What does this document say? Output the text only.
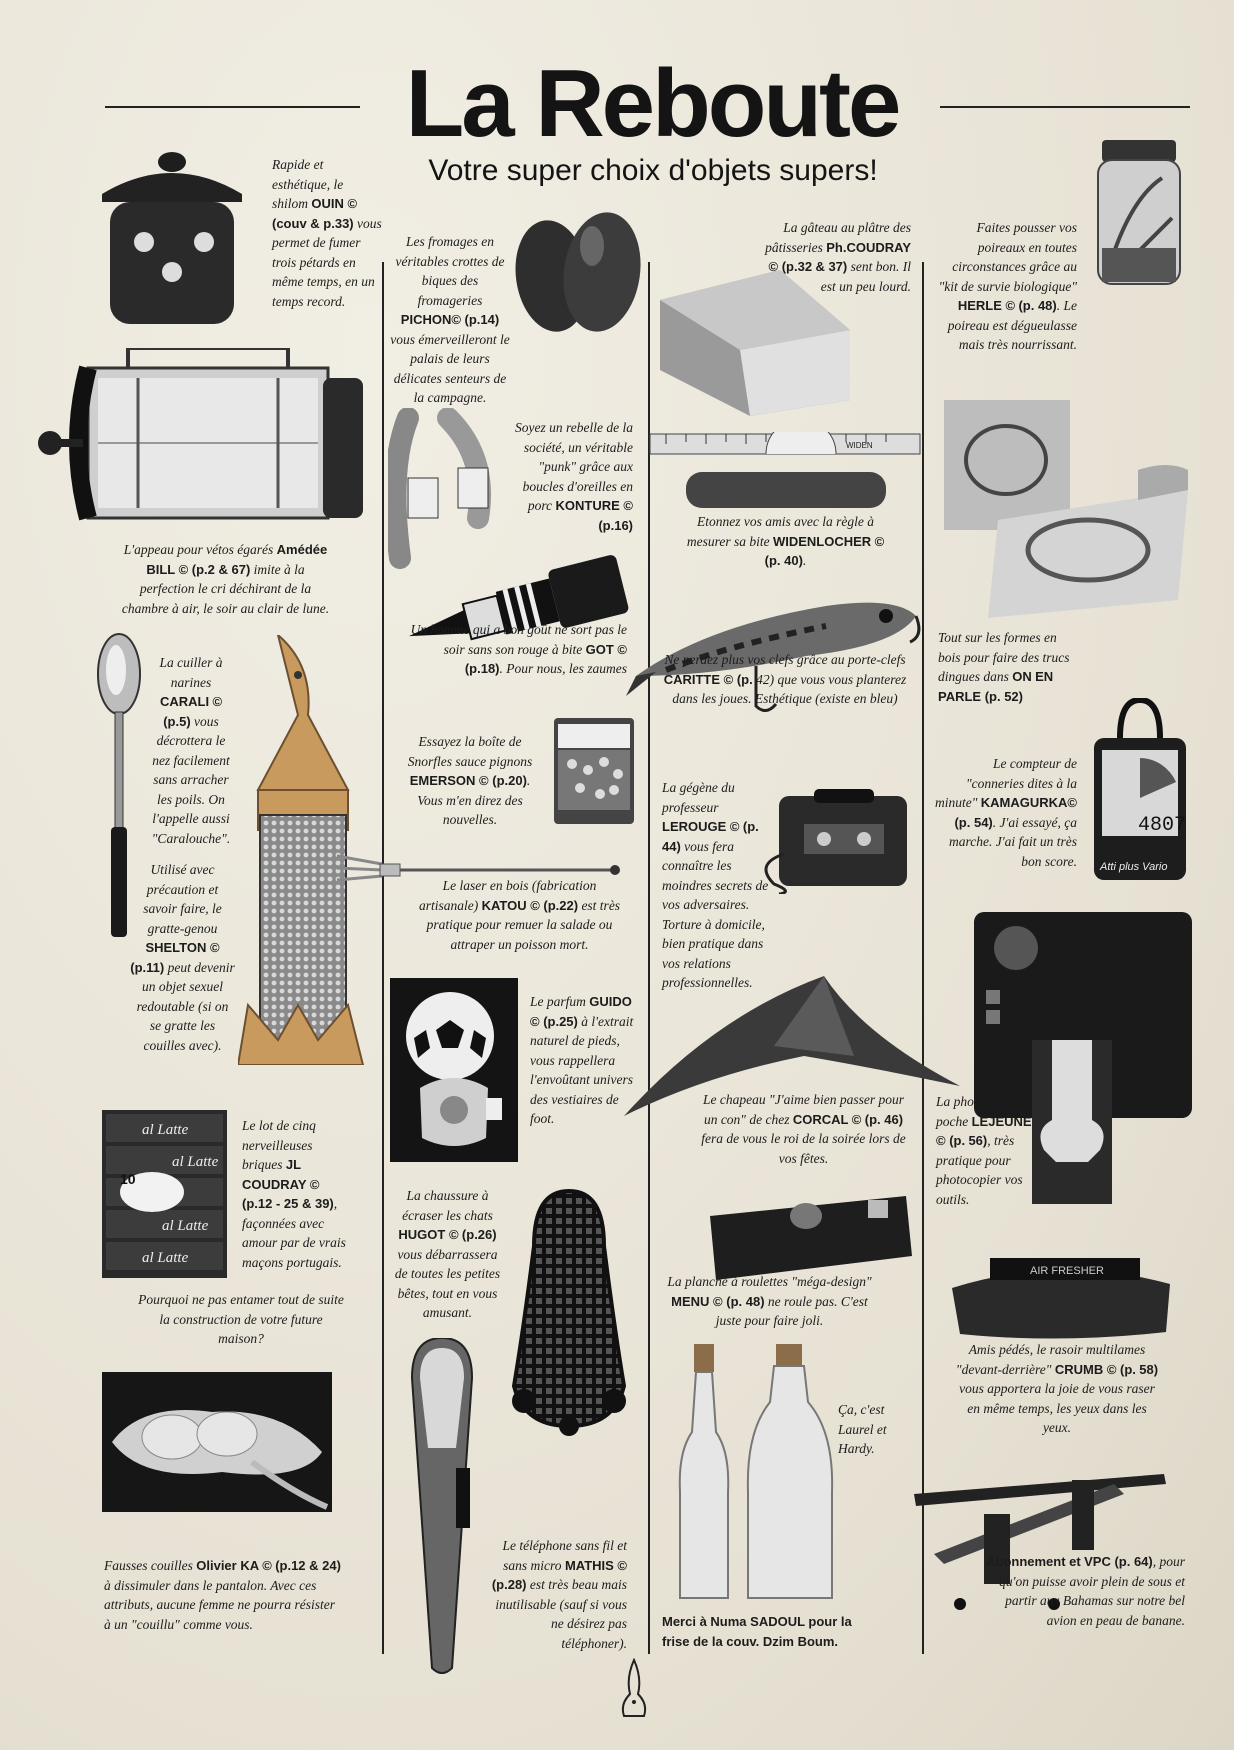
La Reboute
Votre super choix d'objets supers!
Rapide et esthétique, le shilom OUIN © (couv & p.33) vous permet de fumer trois pétards en même temps, en un temps record.
L'appeau pour vétos égarés Amédée BILL © (p.2 & 67) imite à la perfection le cri déchirant de la chambre à air, le soir au clair de lune.
La cuiller à narines CARALI © (p.5) vous décrottera le nez facilement sans arracher les poils. On l'appelle aussi "Caralouche".
Utilisé avec précaution et savoir faire, le gratte-genou SHELTON © (p.11) peut devenir un objet sexuel redoutable (si on se gratte les couilles avec).
al Latte
al Latte
al Latte
al Latte
10
Le lot de cinq nerveilleuses briques JL COUDRAY © (p.12 - 25 & 39), façonnées avec amour par de vrais maçons portugais.
Pourquoi ne pas entamer tout de suite la construction de votre future maison?
Fausses couilles Olivier KA © (p.12 & 24) à dissimuler dans le pantalon. Avec ces attributs, aucune femme ne pourra résister à un "couillu" comme vous.
Les fromages en véritables crottes de biques des fromageries PICHON© (p.14) vous émerveilleront le palais de leurs délicates senteurs de la campagne.
Soyez un rebelle de la société, un véritable "punk" grâce aux boucles d'oreilles en porc KONTURE © (p.16)
Un homme qui a bon goût ne sort pas le soir sans son rouge à bite GOT © (p.18). Pour nous, les zaumes
Essayez la boîte de Snorfles sauce pignons EMERSON © (p.20). Vous m'en direz des nouvelles.
Le laser en bois (fabrication artisanale) KATOU © (p.22) est très pratique pour remuer la salade ou attraper un poisson mort.
Le parfum GUIDO © (p.25) à l'extrait naturel de pieds, vous rappellera l'envoûtant univers des vestiaires de foot.
La chaussure à écraser les chats HUGOT © (p.26) vous débarrassera de toutes les petites bêtes, tout en vous amusant.
Le téléphone sans fil et sans micro MATHIS © (p.28) est très beau mais inutilisable (sauf si vous ne désirez pas téléphoner).
La gâteau au plâtre des pâtisseries Ph.COUDRAY © (p.32 & 37) sent bon. Il est un peu lourd.
WIDEN
Etonnez vos amis avec la règle à mesurer sa bite WIDENLOCHER © (p. 40).
Ne perdez plus vos clefs grâce au porte-clefs CARITTE © (p. 42) que vous vous planterez dans les joues. Esthétique (existe en bleu)
La gégène du professeur LEROUGE © (p. 44) vous fera connaître les moindres secrets de vos adversaires. Torture à domicile, bien pratique dans vos relations professionnelles.
Le chapeau "J'aime bien passer pour un con" de chez CORCAL © (p. 46) fera de vous le roi de la soirée lors de vos fêtes.
La planche à roulettes "méga-design" MENU © (p. 48) ne roule pas. C'est juste pour faire joli.
Ça, c'est Laurel et Hardy.
Merci à Numa SADOUL pour la frise de la couv. Dzim Boum.
Faites pousser vos poireaux en toutes circonstances grâce au "kit de survie biologique" HERLE © (p. 48). Le poireau est dégueulasse mais très nourrissant.
Tout sur les formes en bois pour faire des trucs dingues dans ON EN PARLE (p. 52)
4807
Atti plus Vario
Le compteur de "conneries dites à la minute" KAMAGURKA© (p. 54). J'ai essayé, ça marche. J'ai fait un très bon score.
La photocopie de poche LEJEUNE © (p. 56), très pratique pour photocopier vos outils.
AIR FRESHER
Amis pédés, le rasoir multilames "devant-derrière" CRUMB © (p. 58) vous apportera la joie de vous raser en même temps, les yeux dans les yeux.
Abonnement et VPC (p. 64), pour qu'on puisse avoir plein de sous et partir aux Bahamas sur notre bel avion en peau de banane.
